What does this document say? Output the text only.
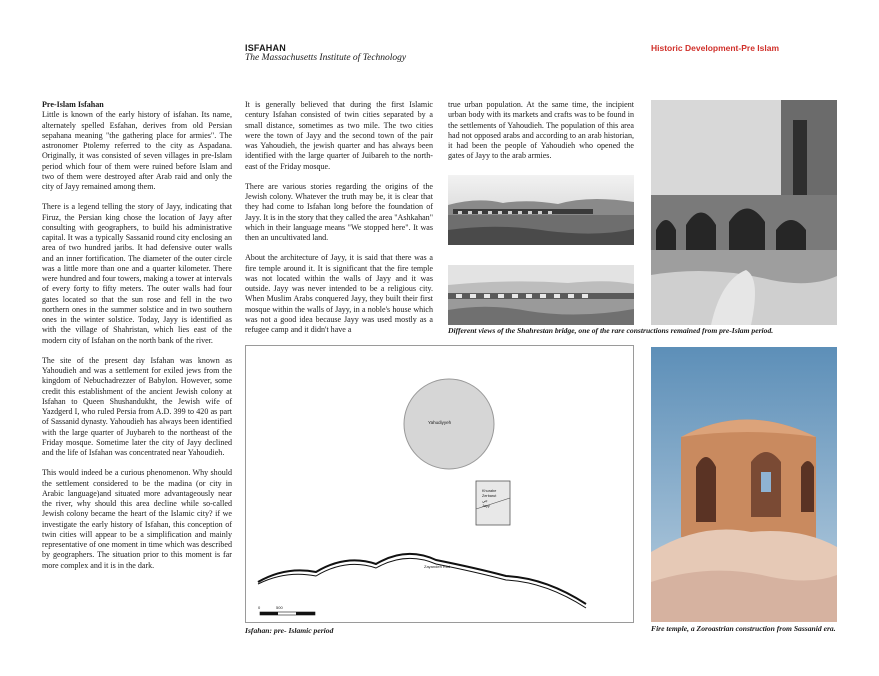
ISFAHAN
The Massachusetts Institute of Technology
Historic Development-Pre Islam

Pre-Islam Isfahan
Little is known of the early history of isfahan. Its name, alternately spelled Esfahan, derives from old Persian sepahana meaning "the gathering place for armies". The astronomer Ptolemy referred to the city as Aspadana. Originally, it was consisted of seven villages in pre-Islam period which four of them were ruined before Islam and two of them were destroyed after Arab raid and only the city of Jayy remained among them.

There is a legend telling the story of Jayy, indicating that Firuz, the Persian king chose the location of Jayy after consulting with geographers, to build his administrative capital. It was a typically Sassanid round city enclosing an area of two hundred jaribs. It had defensive outer walls and an inner fortification. The diameter of the outer circle was a little more than one and a quarter kilometer. There were hundred and four towers, making a tower at intervals of every forty to fifty meters. The outer walls had four gates located so that the sun rose and fell in the two northern ones in the summer solstice and in two southern ones in the winter solstice. Today, Jayy is identified as with the village of Shahristan, which lies east of the modern city of Isfahan on the north bank of the river.

The site of the present day Isfahan was known as Yahoudieh and was a settlement for exiled jews from the kingdom of Nebuchadrezzer of Babylon. However, some credit this establishment of the ancient Jewish colony at Isfahan to Queen Shushandukht, the Jewish wife of Yazdgerd I, who ruled Persia from A.D. 399 to 420 as part of Sassanid dynasty. Yahoudieh has always been identified with the large quarter of Juybareh to the northeast of the Friday mosque. Sometime later the city of Jayy declined and the life of Isfahan was concentrated near Yahoudieh.

This would indeed be a curious phenomenon. Why should the settlement considered to be the madina (or city in Arabic language)and situated more advantageously near the river, why should this area decline while so-called Jewish colony became the heart of the Islamic city? if we investigate the early history of Isfahan, this conception of twin cities will appear to be a simplification and mainly representative of one moment in time which was described by geographers. The situation prior to this moment is far more complex and it is in the dark.

It is generally believed that during the first Islamic century Isfahan consisted of twin cities separated by a small distance, sometimes as two mile. The two cities were the town of Jayy and the second town of the pair was Yahoudieh, the jewish quarter and has always been identified with the large quarter of Juibareh to the north-east of the Friday mosque.

There are various stories regarding the origins of the Jewish colony. Whatever the truth may be, it is clear that they had come to Isfahan long before the foundation of Jayy. It is in the story that they called the area "Ashkahan" which in their language means "We stopped here". It was then an uncultivated land.

About the architecture of Jayy, it is said that there was a fire temple around it. It is significant that the fire temple was not located within the walls of Jayy and it was outside. Jayy was never intended to be a religious city. When Muslim Arabs conquered Jayy, they built their first mosque within the walls of Jayy, in a noble's house which was not a good idea because Jayy was used mostly as a refugee camp and it didn't have a

true urban population. At the same time, the incipient urban body with its markets and crafts was to be found in the settlements of Yahoudieh. The population of this area had not opposed arabs and according to an arab historian, it had been the people of Yahoudieh who opened the gates of Jayy to the arab armies.

Different views of the Shahrestan bridge, one of the rare constructions remained from pre-Islam period.
Yahudiyyeh
Khurabe Zerbarut
جي
Jayy
Zayandeh Rud
0	500
Isfahan: pre- Islamic period	Fire temple, a Zoroastrian construction from Sassanid era.
